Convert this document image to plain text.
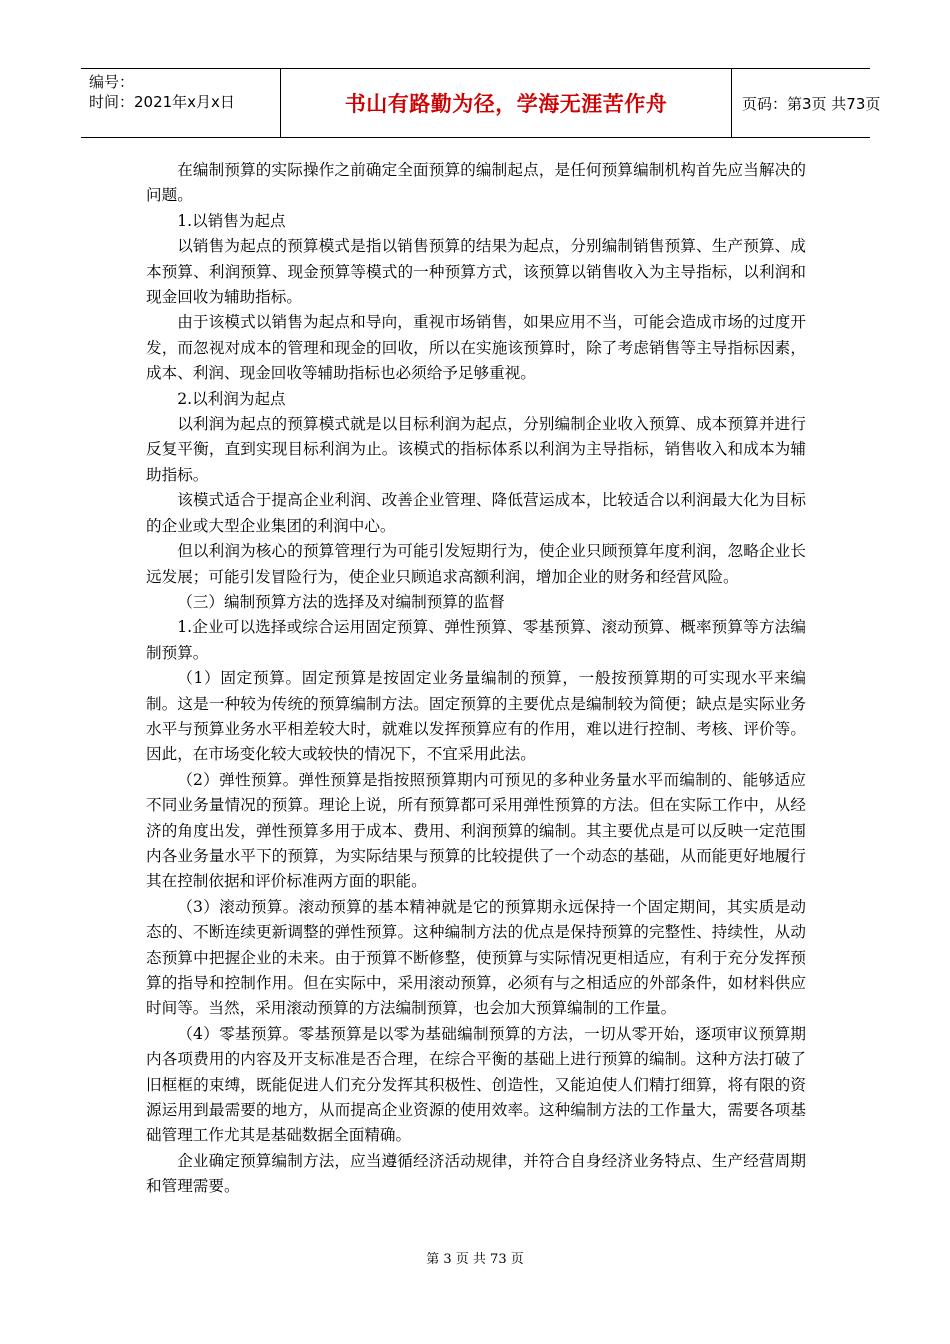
编号：
时间：2021年x月x日	书山有路勤为径，学海无涯苦作舟	页码：第3页 共73页

在编制预算的实际操作之前确定全面预算的编制起点，是任何预算编制机构首先应当解决的问题。

1.以销售为起点

以销售为起点的预算模式是指以销售预算的结果为起点，分别编制销售预算、生产预算、成本预算、利润预算、现金预算等模式的一种预算方式，该预算以销售收入为主导指标，以利润和现金回收为辅助指标。

由于该模式以销售为起点和导向，重视市场销售，如果应用不当，可能会造成市场的过度开发，而忽视对成本的管理和现金的回收，所以在实施该预算时，除了考虑销售等主导指标因素，成本、利润、现金回收等辅助指标也必须给予足够重视。

2.以利润为起点

以利润为起点的预算模式就是以目标利润为起点，分别编制企业收入预算、成本预算并进行反复平衡，直到实现目标利润为止。该模式的指标体系以利润为主导指标，销售收入和成本为辅助指标。

该模式适合于提高企业利润、改善企业管理、降低营运成本，比较适合以利润最大化为目标的企业或大型企业集团的利润中心。

但以利润为核心的预算管理行为可能引发短期行为，使企业只顾预算年度利润，忽略企业长远发展；可能引发冒险行为，使企业只顾追求高额利润，增加企业的财务和经营风险。

（三）编制预算方法的选择及对编制预算的监督

1.企业可以选择或综合运用固定预算、弹性预算、零基预算、滚动预算、概率预算等方法编制预算。

（1）固定预算。固定预算是按固定业务量编制的预算，一般按预算期的可实现水平来编制。这是一种较为传统的预算编制方法。固定预算的主要优点是编制较为简便；缺点是实际业务水平与预算业务水平相差较大时，就难以发挥预算应有的作用，难以进行控制、考核、评价等。因此，在市场变化较大或较快的情况下，不宜采用此法。

（2）弹性预算。弹性预算是指按照预算期内可预见的多种业务量水平而编制的、能够适应不同业务量情况的预算。理论上说，所有预算都可采用弹性预算的方法。但在实际工作中，从经济的角度出发，弹性预算多用于成本、费用、利润预算的编制。其主要优点是可以反映一定范围内各业务量水平下的预算，为实际结果与预算的比较提供了一个动态的基础，从而能更好地履行其在控制依据和评价标准两方面的职能。

（3）滚动预算。滚动预算的基本精神就是它的预算期永远保持一个固定期间，其实质是动态的、不断连续更新调整的弹性预算。这种编制方法的优点是保持预算的完整性、持续性，从动态预算中把握企业的未来。由于预算不断修整，使预算与实际情况更相适应，有利于充分发挥预算的指导和控制作用。但在实际中，采用滚动预算，必须有与之相适应的外部条件，如材料供应时间等。当然，采用滚动预算的方法编制预算，也会加大预算编制的工作量。

（4）零基预算。零基预算是以零为基础编制预算的方法，一切从零开始，逐项审议预算期内各项费用的内容及开支标准是否合理，在综合平衡的基础上进行预算的编制。这种方法打破了旧框框的束缚，既能促进人们充分发挥其积极性、创造性，又能迫使人们精打细算，将有限的资源运用到最需要的地方，从而提高企业资源的使用效率。这种编制方法的工作量大，需要各项基础管理工作尤其是基础数据全面精确。

企业确定预算编制方法，应当遵循经济活动规律，并符合自身经济业务特点、生产经营周期和管理需要。

第 3 页 共 73 页
